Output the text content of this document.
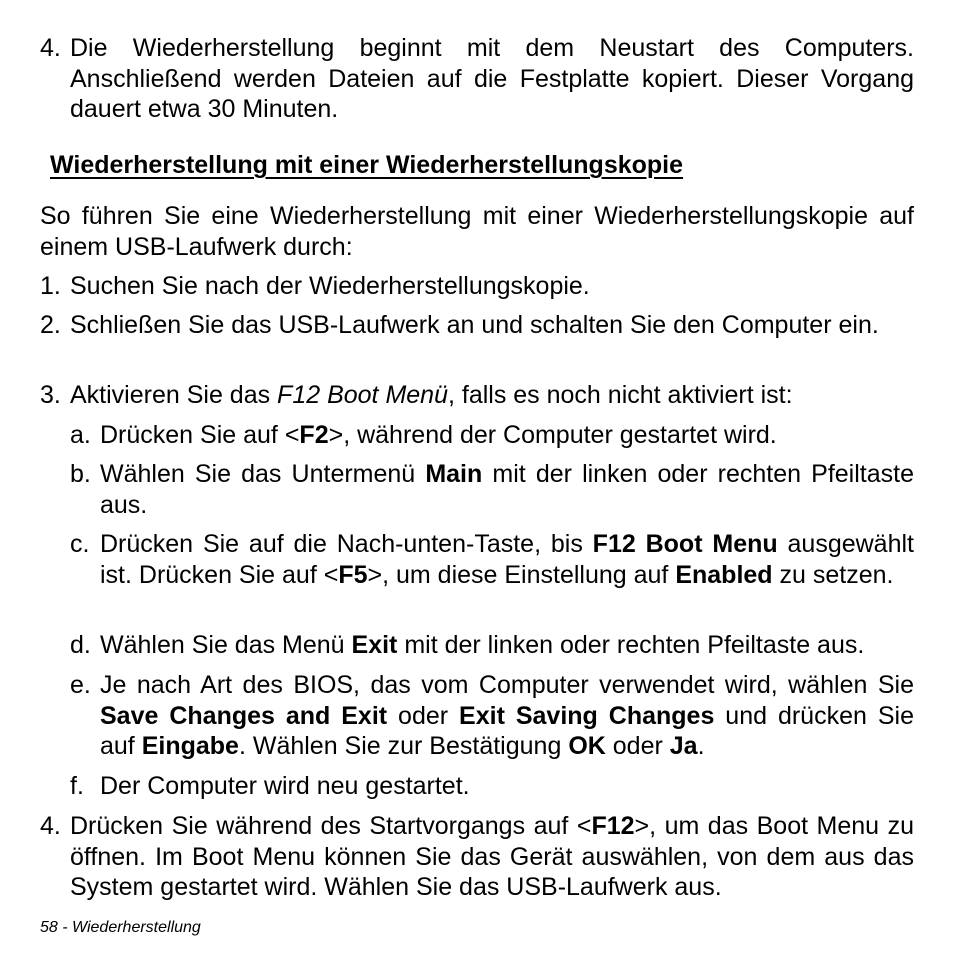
4. Die Wiederherstellung beginnt mit dem Neustart des Computers. Anschließend werden Dateien auf die Festplatte kopiert. Dieser Vorgang dauert etwa 30 Minuten.
Wiederherstellung mit einer Wiederherstellungskopie
So führen Sie eine Wiederherstellung mit einer Wiederherstellungskopie auf einem USB-Laufwerk durch:
1. Suchen Sie nach der Wiederherstellungskopie.
2. Schließen Sie das USB-Laufwerk an und schalten Sie den Computer ein.
3. Aktivieren Sie das F12 Boot Menü, falls es noch nicht aktiviert ist:
a. Drücken Sie auf <F2>, während der Computer gestartet wird.
b. Wählen Sie das Untermenü Main mit der linken oder rechten Pfeiltaste aus.
c. Drücken Sie auf die Nach-unten-Taste, bis F12 Boot Menu ausgewählt ist. Drücken Sie auf <F5>, um diese Einstellung auf Enabled zu setzen.
d. Wählen Sie das Menü Exit mit der linken oder rechten Pfeiltaste aus.
e. Je nach Art des BIOS, das vom Computer verwendet wird, wählen Sie Save Changes and Exit oder Exit Saving Changes und drücken Sie auf Eingabe. Wählen Sie zur Bestätigung OK oder Ja.
f. Der Computer wird neu gestartet.
4. Drücken Sie während des Startvorgangs auf <F12>, um das Boot Menu zu öffnen. Im Boot Menu können Sie das Gerät auswählen, von dem aus das System gestartet wird. Wählen Sie das USB-Laufwerk aus.
58 - Wiederherstellung
